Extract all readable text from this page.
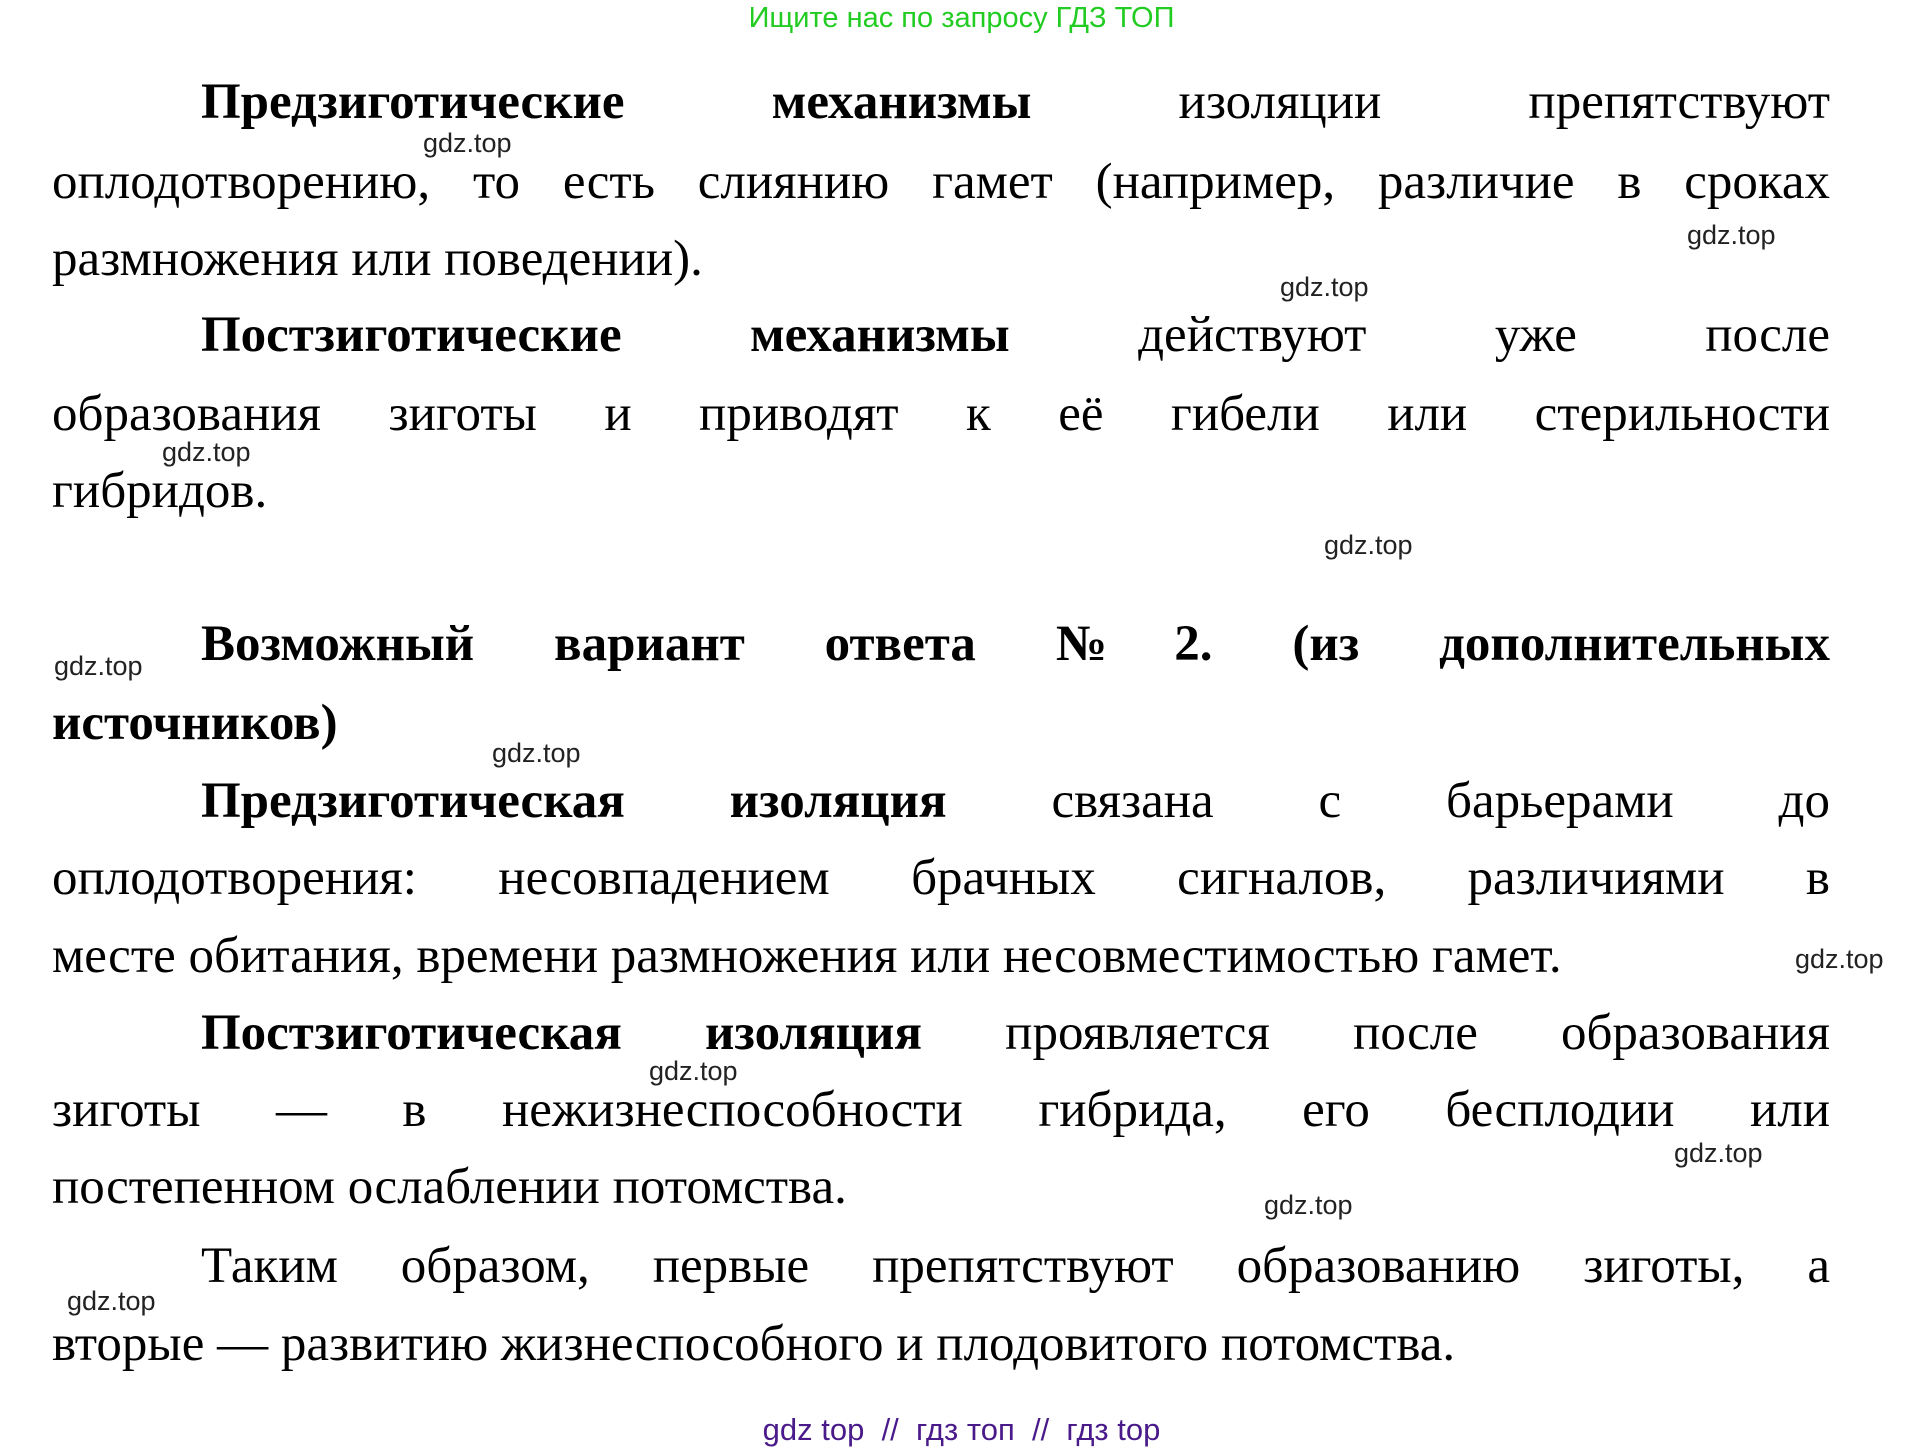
Ищите нас по запросу ГДЗ ТОП
Предзиготические механизмы	изоляции препятствуют
оплодотворению, то есть слиянию гамет (например, различие в сроках
размножения или поведении).
Постзиготические механизмы	действуют уже после
образования зиготы и приводят к её гибели или стерильности
гибридов.
Возможный вариант ответа №2. (из дополнительных
источников)
Предзиготическая изоляция связана с барьерами до
оплодотворения: несовпадением брачных сигналов, различиями в
месте обитания, времени размножения или несовместимостью гамет.
Постзиготическая изоляция проявляется после образования
зиготы — в нежизнеспособности гибрида, его бесплодии или
постепенном ослаблении потомства.
Таким образом, первые препятствуют образованию зиготы, а
вторые — развитию жизнеспособного и плодовитого потомства.
gdz.top
gdz.top
gdz.top
gdz.top
gdz.top
gdz.top
gdz.top
gdz.top
gdz.top
gdz.top
gdz.top
gdz.top
gdz top  //  гдз топ  //  гдз top
